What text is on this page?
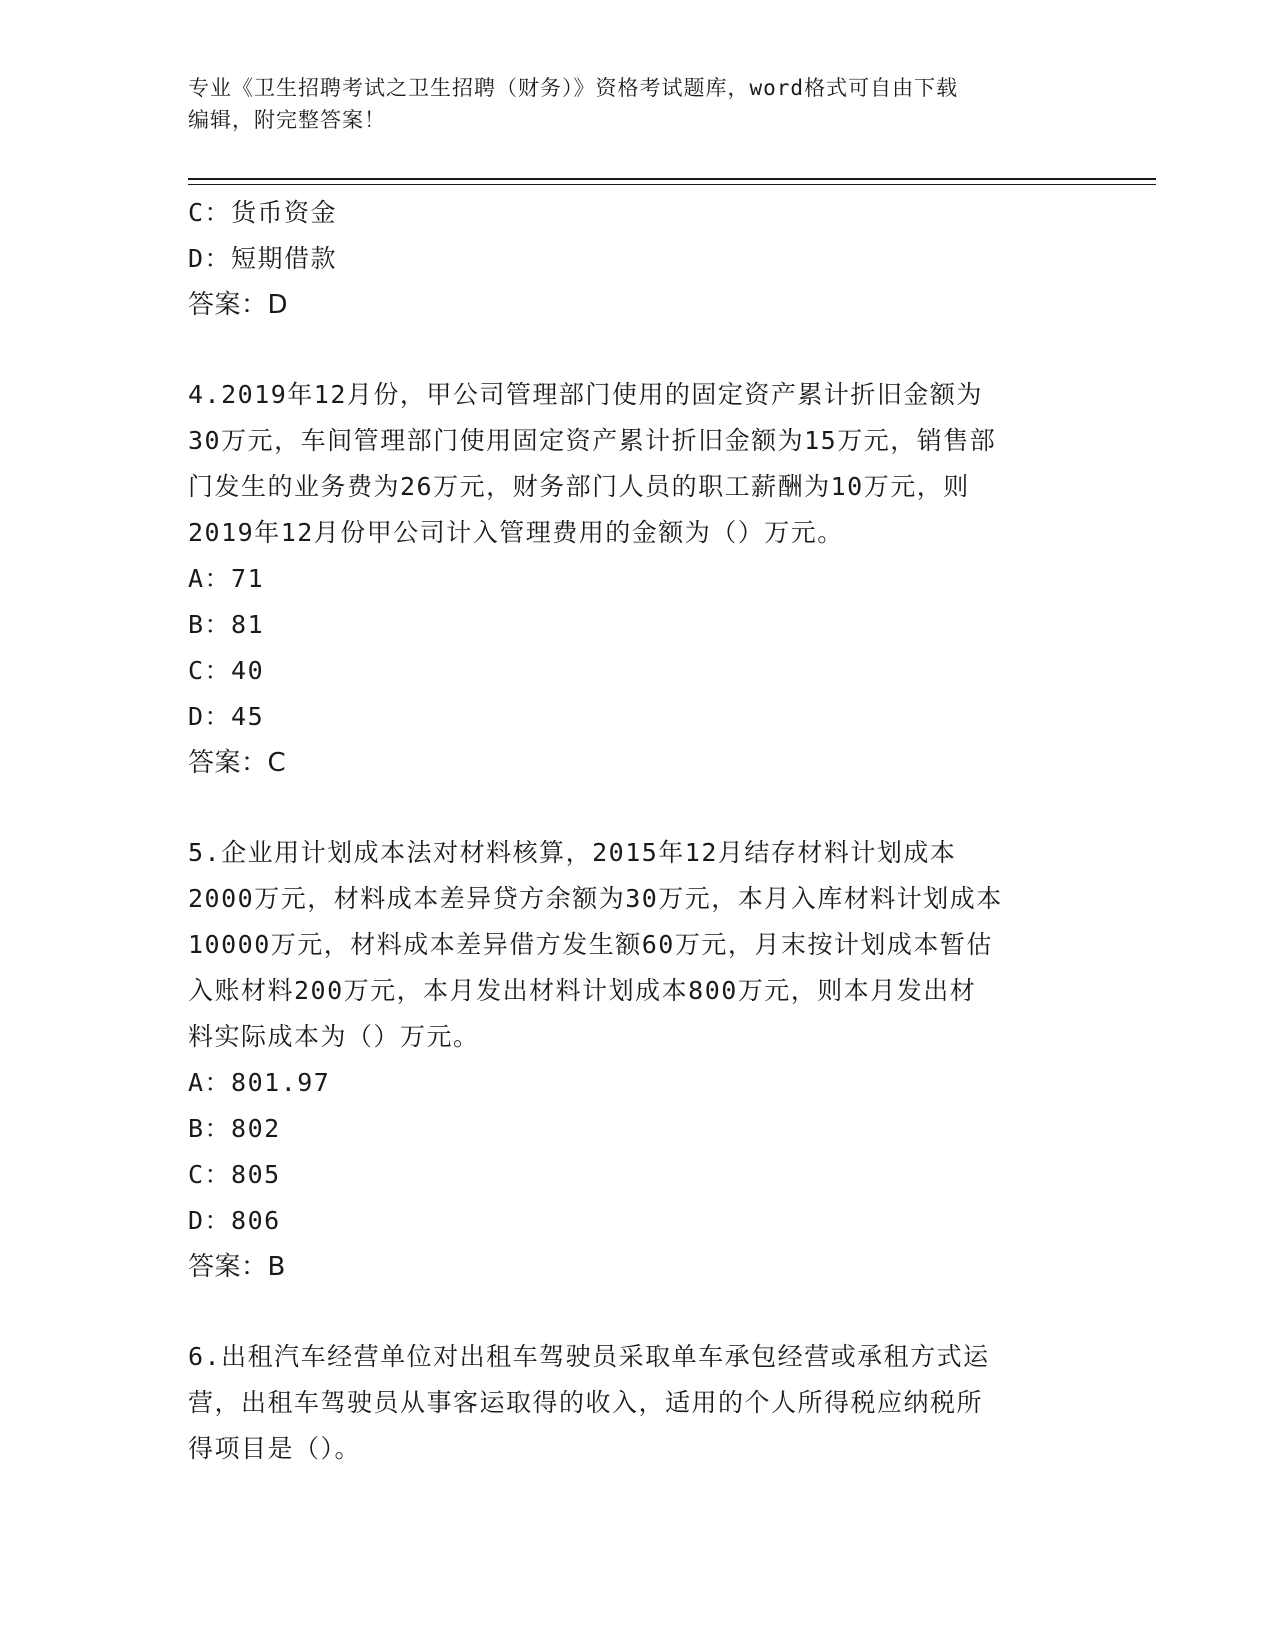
专业《卫生招聘考试之卫生招聘（财务）》资格考试题库，word格式可自由下载
编辑，附完整答案！
C：货币资金
D：短期借款
答案：D
4.2019年12月份，甲公司管理部门使用的固定资产累计折旧金额为
30万元，车间管理部门使用固定资产累计折旧金额为15万元，销售部
门发生的业务费为26万元，财务部门人员的职工薪酬为10万元，则
2019年12月份甲公司计入管理费用的金额为（）万元。
A：71
B：81
C：40
D：45
答案：C
5.企业用计划成本法对材料核算，2015年12月结存材料计划成本
2000万元，材料成本差异贷方余额为30万元，本月入库材料计划成本
10000万元，材料成本差异借方发生额60万元，月末按计划成本暂估
入账材料200万元，本月发出材料计划成本800万元，则本月发出材
料实际成本为（）万元。
A：801.97
B：802
C：805
D：806
答案：B
6.出租汽车经营单位对出租车驾驶员采取单车承包经营或承租方式运
营，出租车驾驶员从事客运取得的收入，适用的个人所得税应纳税所
得项目是（）。
